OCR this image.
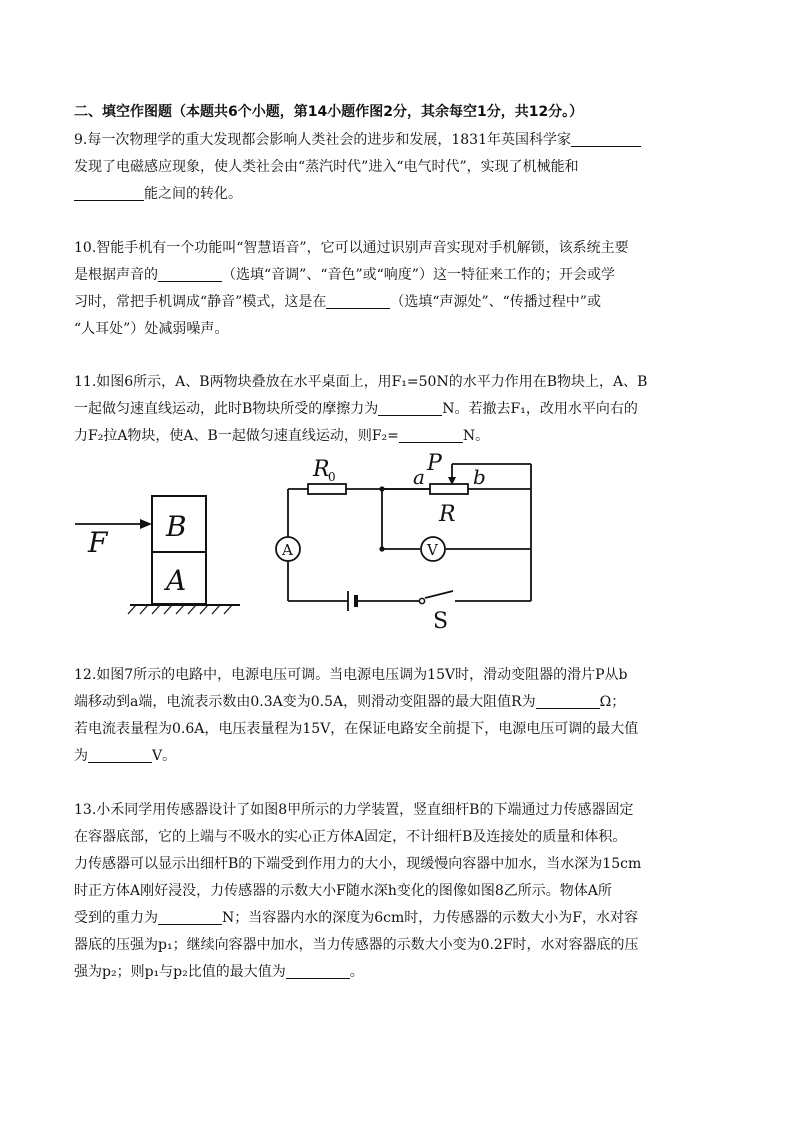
二、填空作图题（本题共6个小题，第14小题作图2分，其余每空1分，共12分。）
9.每一次物理学的重大发现都会影响人类社会的进步和发展，1831年英国科学家
发现了电磁感应现象，使人类社会由“蒸汽时代”进入“电气时代”，实现了机械能和
能之间的转化。
10.智能手机有一个功能叫“智慧语音”，它可以通过识别声音实现对手机解锁，该系统主要
是根据声音的	（选填“音调”、“音色”或“响度”）这一特征来工作的；开会或学
习时，常把手机调成“静音”模式，这是在	（选填“声源处”、“传播过程中”或
“人耳处”）处减弱噪声。
11.如图6所示，A、B两物块叠放在水平桌面上，用F₁=50N的水平力作用在B物块上，A、B
一起做匀速直线运动，此时B物块所受的摩擦力为	N。若撤去F₁，改用水平向右的
力F₂拉A物块，使A、B一起做匀速直线运动，则F₂=	N。
F B
A
R
0	a
P
b
R
A	V
S
12.如图7所示的电路中，电源电压可调。当电源电压调为15V时，滑动变阻器的滑片P从b
端移动到a端，电流表示数由0.3A变为0.5A，则滑动变阻器的最大阻值R为	Ω；
若电流表量程为0.6A，电压表量程为15V，在保证电路安全前提下，电源电压可调的最大值
为	V。
13.小禾同学用传感器设计了如图8甲所示的力学装置，竖直细杆B的下端通过力传感器固定
在容器底部，它的上端与不吸水的实心正方体A固定，不计细杆B及连接处的质量和体积。
力传感器可以显示出细杆B的下端受到作用力的大小，现缓慢向容器中加水，当水深为15cm
时正方体A刚好浸没，力传感器的示数大小F随水深h变化的图像如图8乙所示。物体A所
受到的重力为	N；当容器内水的深度为6cm时，力传感器的示数大小为F，水对容
器底的压强为p₁；继续向容器中加水，当力传感器的示数大小变为0.2F时，水对容器底的压
强为p₂；则p₁与p₂比值的最大值为	。
